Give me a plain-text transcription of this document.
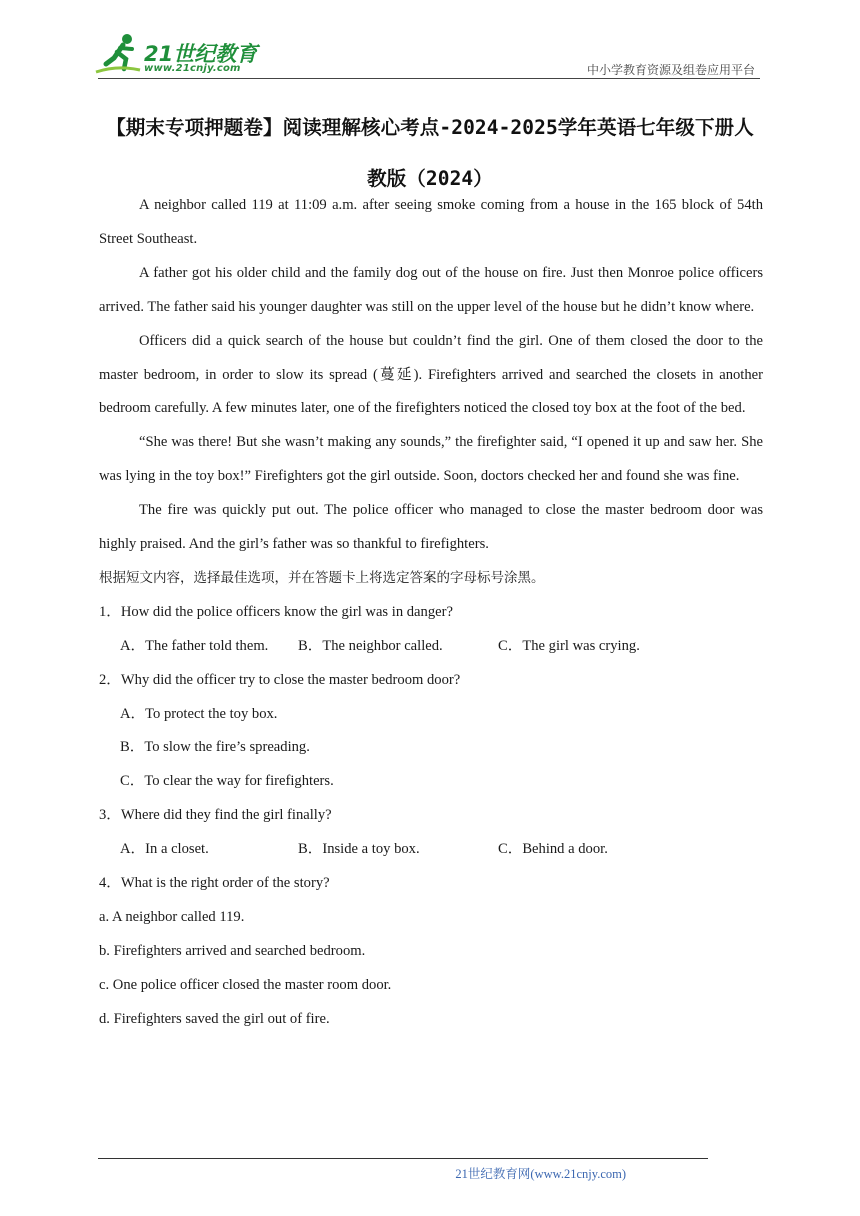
21世纪教育
www.21cnjy.com	中小学教育资源及组卷应用平台
【期末专项押题卷】阅读理解核心考点-2024-2025学年英语七年级下册人教版（2024）

A neighbor called 119 at 11:09 a.m. after seeing smoke coming from a house in the 165 block of 54th Street Southeast.

A father got his older child and the family dog out of the house on fire. Just then Monroe police officers arrived. The father said his younger daughter was still on the upper level of the house but he didn’t know where.

Officers did a quick search of the house but couldn’t find the girl. One of them closed the door to the master bedroom, in order to slow its spread (蔓延). Firefighters arrived and searched the closets in another bedroom carefully. A few minutes later, one of the firefighters noticed the closed toy box at the foot of the bed.

“She was there! But she wasn’t making any sounds,” the firefighter said, “I opened it up and saw her. She was lying in the toy box!” Firefighters got the girl outside. Soon, doctors checked her and found she was fine.

The fire was quickly put out. The police officer who managed to close the master bedroom door was highly praised. And the girl’s father was so thankful to firefighters.

根据短文内容，选择最佳选项，并在答题卡上将选定答案的字母标号涂黑。

1．How did the police officers know the girl was in danger?

A．The father told them. B．The neighbor called.	C．The girl was crying.

2．Why did the officer try to close the master bedroom door?

A．To protect the toy box.

B．To slow the fire’s spreading.

C．To clear the way for firefighters.

3．Where did they find the girl finally?

A．In a closet.	B．Inside a toy box.	C．Behind a door.

4．What is the right order of the story?

a. A neighbor called 119.

b. Firefighters arrived and searched bedroom.

c. One police officer closed the master room door.

d. Firefighters saved the girl out of fire.

21世纪教育网(www.21cnjy.com)
